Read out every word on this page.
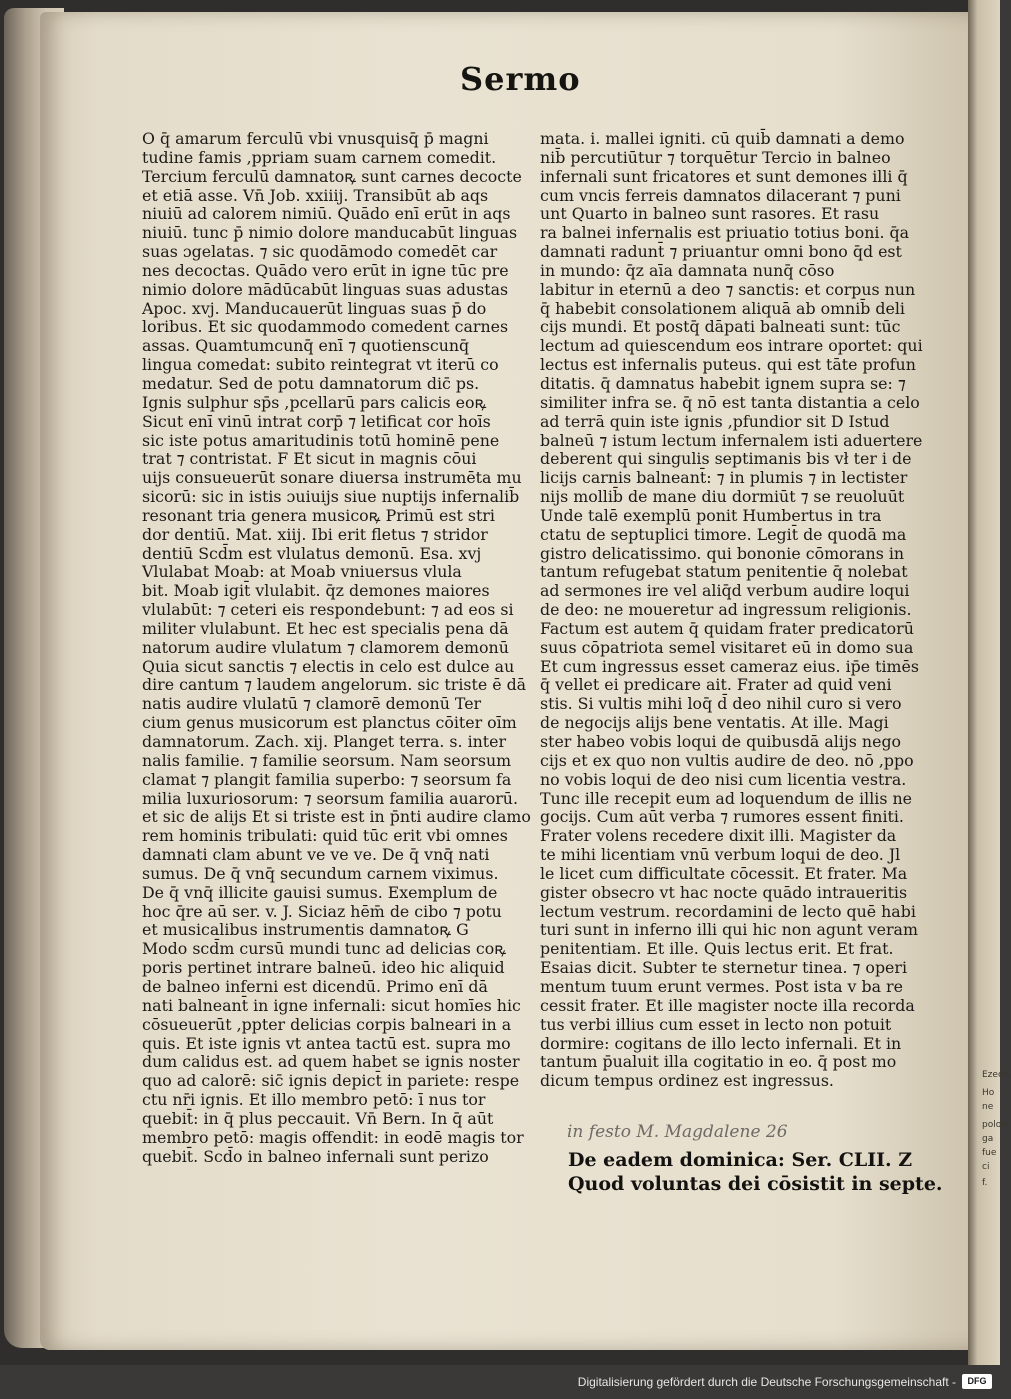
Ezech.
Ho
ne
polon
ga
fue
ci
f.
Sermo
O q̄ amarum ferculū vbi vnusquisq̄ p̄ magni
tudine famis ,ppriam suam carnem comedit.
Tercium ferculū damnatoꝶ sunt carnes decocte
et etiā asse. Vn̄ Job. xxiiij. Transibūt ab aqs
niuiū ad calorem nimiū. Quādo enī erūt in aqs
niuiū. tunc p̄ nimio dolore manducabūt linguas
suas ɔgelatas. ⁊ sic quodāmodo comedēt car
nes decoctas. Quādo vero erūt in igne tūc pre
nimio dolore mādūcabūt linguas suas adustas
Apoc. xvj. Manducauerūt linguas suas p̄ do
loribus. Et sic quodammodo comedent carnes
assas. Quamtumcunq̄ enī ⁊ quotienscunq̄
lingua comedat: subito reintegrat vt iterū co
medatur. Sed de potu damnatorum dic̄ ps.
Ignis sulphur sp̄s ,pcellarū pars calicis eoꝶ
Sicut enī vinū intrat corp̄ ⁊ letificat cor hoīs
sic iste potus amaritudinis totū hominē pene
trat ⁊ contristat. F Et sicut in magnis cōui
uijs consueuerūt sonare diuersa instrumēta mu
sicorū: sic in istis ɔuiuijs siue nuptijs infernalib̄
resonant tria genera musicoꝶ Primū est stri
dor dentiū. Mat. xiij. Ibi erit fletus ⁊ stridor
dentiū Scd̄m est vlulatus demonū. Esa. xvj
Vlulabat Moab: at Moab vniuersus vlula
bit. Moab igit̄ vlulabit. q̄z demones maiores
vlulabūt: ⁊ ceteri eis respondebunt: ⁊ ad eos si
militer vlulabunt. Et hec est specialis pena dā
natorum audire vlulatum ⁊ clamorem demonū
Quia sicut sanctis ⁊ electis in celo est dulce au
dire cantum ⁊ laudem angelorum. sic triste ē dā
natis audire vlulatū ⁊ clamorē demonū Ter
cium genus musicorum est planctus cōiter oīm
damnatorum. Zach. xij. Planget terra. s. inter
nalis familie. ⁊ familie seorsum. Nam seorsum
clamat ⁊ plangit familia superbo: ⁊ seorsum fa
milia luxuriosorum: ⁊ seorsum familia auarorū.
et sic de alijs Et si triste est in p̄nti audire clamo
rem hominis tribulati: quid tūc erit vbi omnes
damnati clam abunt ve ve ve. De q̄ vnq̄ nati
sumus. De q̄ vnq̄ secundum carnem viximus.
De q̄ vnq̄ illicite gauisi sumus. Exemplum de
hoc q̄re aū ser. v. J. Siciaz hēm̄ de cibo ⁊ potu
et musicalibus instrumentis damnatoꝶ G
Modo scd̄m cursū mundi tunc ad delicias coꝶ
poris pertinet intrare balneū. ideo hic aliquid
de balneo inferni est dicendū. Primo enī dā
nati balneant̄ in igne infernali: sicut homīes hic
cōsueuerūt ,ppter delicias corpis balneari in a
quis. Et iste ignis vt antea tactū est. supra mo
dum calidus est. ad quem habet se ignis noster
quo ad calorē: sic̄ ignis depict̄ in pariete: respe
ctu nr̄i ignis. Et illo membro petō: ī nus tor
quebit̄: in q̄ plus peccauit. Vn̄ Bern. In q̄ aūt
membro petō: magis offendit: in eodē magis tor
quebit̄. Scd̄o in balneo infernali sunt perizo
mata. i. mallei igniti. cū quib̄ damnati a demo
nib̄ percutiūtur ⁊ torquētur Tercio in balneo
infernali sunt fricatores et sunt demones illi q̄
cum vncis ferreis damnatos dilacerant ⁊ puni
unt Quarto in balneo sunt rasores. Et rasu
ra balnei infernalis est priuatio totius boni. q̄a
damnati radunt̄ ⁊ priuantur omni bono q̄d est
in mundo: q̄z aīa damnata nunq̄ cōso
labitur in eternū a deo ⁊ sanctis: et corpus nun
q̄ habebit consolationem aliquā ab omnib̄ deli
cijs mundi. Et postq̄ dāpati balneati sunt: tūc
lectum ad quiescendum eos intrare oportet: qui
lectus est infernalis puteus. qui est tāte profun
ditatis. q̄ damnatus habebit ignem supra se: ⁊
similiter infra se. q̄ nō est tanta distantia a celo
ad terrā quin iste ignis ,pfundior sit D Istud
balneū ⁊ istum lectum infernalem isti aduertere
deberent qui singulis septimanis bis vł ter i de
licijs carnis balneant̄: ⁊ in plumis ⁊ in lectister
nijs mollib̄ de mane diu dormiūt ⁊ se reuoluūt
Unde talē exemplū ponit Humbertus in tra
ctatu de septuplici timore. Legit̄ de quodā ma
gistro delicatissimo. qui bononie cōmorans in
tantum refugebat statum penitentie q̄ nolebat
ad sermones ire vel aliq̄d verbum audire loqui
de deo: ne moueretur ad ingressum religionis.
Factum est autem q̄ quidam frater predicatorū
suus cōpatriota semel visitaret eū in domo sua
Et cum ingressus esset cameraz eius. ip̄e timēs
q̄ vellet ei predicare ait. Frater ad quid veni
stis. Si vultis mihi loq̄ d̄ deo nihil curo si vero
de negocijs alijs bene ventatis. At ille. Magi
ster habeo vobis loqui de quibusdā alijs nego
cijs et ex quo non vultis audire de deo. nō ,ppo
no vobis loqui de deo nisi cum licentia vestra.
Tunc ille recepit eum ad loquendum de illis ne
gocijs. Cum aūt verba ⁊ rumores essent finiti.
Frater volens recedere dixit illi. Magister da
te mihi licentiam vnū verbum loqui de deo. Jl
le licet cum difficultate cōcessit. Et frater. Ma
gister obsecro vt hac nocte quādo intraueritis
lectum vestrum. recordamini de lecto quē habi
turi sunt in inferno illi qui hic non agunt veram
penitentiam. Et ille. Quis lectus erit. Et frat.
Esaias dicit. Subter te sternetur tinea. ⁊ operi
mentum tuum erunt vermes. Post ista v ba re
cessit frater. Et ille magister nocte illa recorda
tus verbi illius cum esset in lecto non potuit
dormire: cogitans de illo lecto infernali. Et in
tantum p̄ualuit illa cogitatio in eo. q̄ post mo
dicum tempus ordinez est ingressus.
in festo M. Magdalene 26
De eadem dominica: Ser. CLII. Z
Quod voluntas dei cōsistit in septe.
Digitalisierung gefördert durch die Deutsche Forschungsgemeinschaft -	DFG
